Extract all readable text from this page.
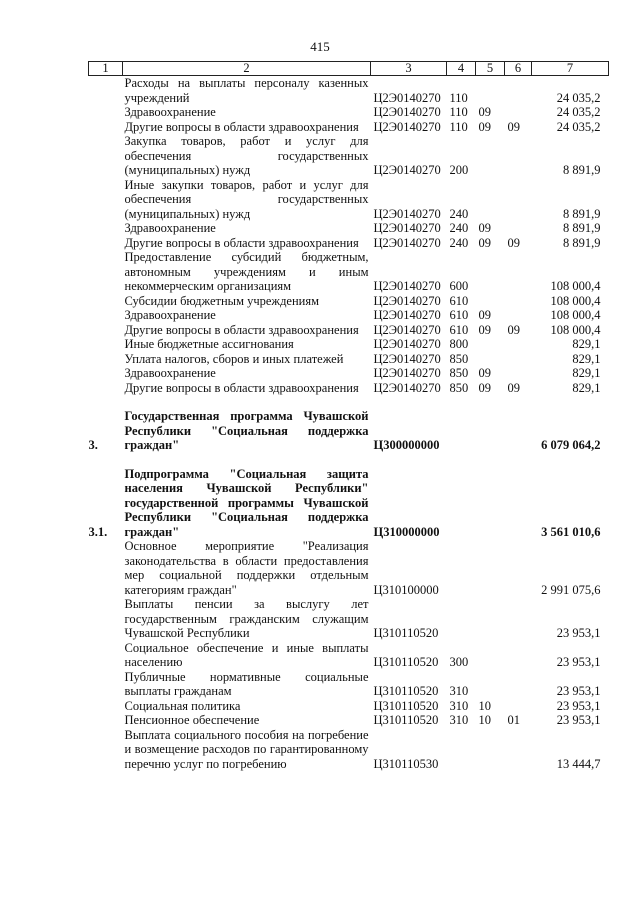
415
1	2	3	4	5	6	7
	Расходы на выплаты персоналу казенных учреждений	Ц2Э0140270	110			24 035,2
	Здравоохранение	Ц2Э0140270	110	09		24 035,2
	Другие вопросы в области здравоохранения	Ц2Э0140270	110	09	09	24 035,2
	Закупка товаров, работ и услуг для обеспечения государственных (муниципальных) нужд	Ц2Э0140270	200			8 891,9
	Иные закупки товаров, работ и услуг для обеспечения государственных (муниципальных) нужд	Ц2Э0140270	240			8 891,9
	Здравоохранение	Ц2Э0140270	240	09		8 891,9
	Другие вопросы в области здравоохранения	Ц2Э0140270	240	09	09	8 891,9
	Предоставление субсидий бюджетным, автономным учреждениям и иным некоммерческим организациям	Ц2Э0140270	600			108 000,4
	Субсидии бюджетным учреждениям	Ц2Э0140270	610			108 000,4
	Здравоохранение	Ц2Э0140270	610	09		108 000,4
	Другие вопросы в области здравоохранения	Ц2Э0140270	610	09	09	108 000,4
	Иные бюджетные ассигнования	Ц2Э0140270	800			829,1
	Уплата налогов, сборов и иных платежей	Ц2Э0140270	850			829,1
	Здравоохранение	Ц2Э0140270	850	09		829,1
	Другие вопросы в области здравоохранения	Ц2Э0140270	850	09	09	829,1

3.	Государственная программа Чувашской Республики "Социальная поддержка граждан"	Ц300000000				6 079 064,2

3.1.	Подпрограмма "Социальная защита населения Чувашской Республики" государственной программы Чувашской Республики "Социальная поддержка граждан"	Ц310000000				3 561 010,6
	Основное мероприятие "Реализация законодательства в области предоставления мер социальной поддержки отдельным категориям граждан"	Ц310100000				2 991 075,6
	Выплаты пенсии за выслугу лет государственным гражданским служащим Чувашской Республики	Ц310110520				23 953,1
	Социальное обеспечение и иные выплаты населению	Ц310110520	300			23 953,1
	Публичные нормативные социальные выплаты гражданам	Ц310110520	310			23 953,1
	Социальная политика	Ц310110520	310	10		23 953,1
	Пенсионное обеспечение	Ц310110520	310	10	01	23 953,1
	Выплата социального пособия на погребение и возмещение расходов по гарантированному перечню услуг по погребению	Ц310110530				13 444,7
